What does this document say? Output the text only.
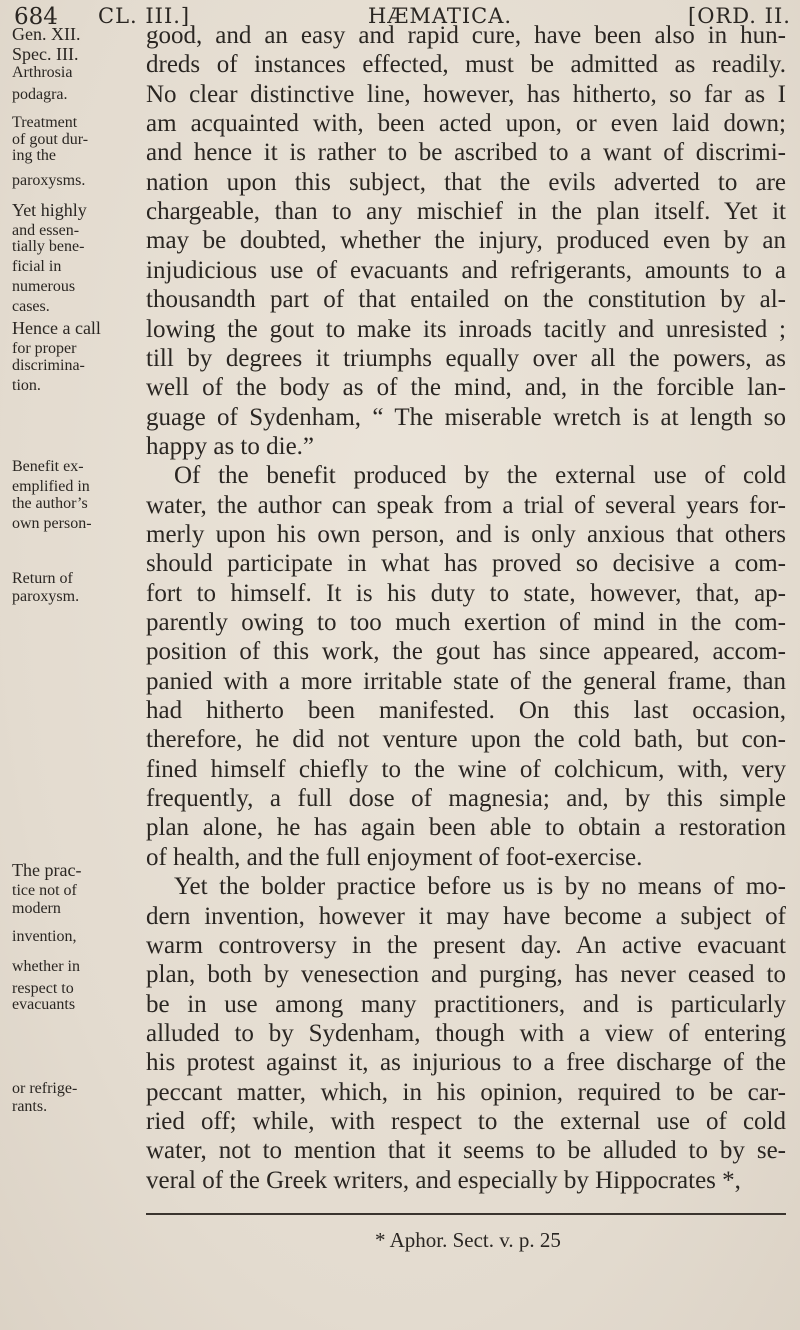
684 CL. III.]	HÆMATICA.	[ORD. II.
good, and an easy and rapid cure, have been also in hun-
dreds of instances effected, must be admitted as readily.
No clear distinctive line, however, has hitherto, so far as I
am acquainted with, been acted upon, or even laid down;
and hence it is rather to be ascribed to a want of discrimi-
nation upon this subject, that the evils adverted to are
chargeable, than to any mischief in the plan itself. Yet it
may be doubted, whether the injury, produced even by an
injudicious use of evacuants and refrigerants, amounts to a
thousandth part of that entailed on the constitution by al-
lowing the gout to make its inroads tacitly and unresisted ;
till by degrees it triumphs equally over all the powers, as
well of the body as of the mind, and, in the forcible lan-
guage of Sydenham, “ The miserable wretch is at length so
happy as to die.”
Of the benefit produced by the external use of cold
water, the author can speak from a trial of several years for-
merly upon his own person, and is only anxious that others
should participate in what has proved so decisive a com-
fort to himself. It is his duty to state, however, that, ap-
parently owing to too much exertion of mind in the com-
position of this work, the gout has since appeared, accom-
panied with a more irritable state of the general frame, than
had hitherto been manifested. On this last occasion,
therefore, he did not venture upon the cold bath, but con-
fined himself chiefly to the wine of colchicum, with, very
frequently, a full dose of magnesia; and, by this simple
plan alone, he has again been able to obtain a restoration
of health, and the full enjoyment of foot-exercise.
Yet the bolder practice before us is by no means of mo-
dern invention, however it may have become a subject of
warm controversy in the present day. An active evacuant
plan, both by venesection and purging, has never ceased to
be in use among many practitioners, and is particularly
alluded to by Sydenham, though with a view of entering
his protest against it, as injurious to a free discharge of the
peccant matter, which, in his opinion, required to be car-
ried off; while, with respect to the external use of cold
water, not to mention that it seems to be alluded to by se-
veral of the Greek writers, and especially by Hippocrates *,
Gen. XII.
Spec. III.
Arthrosia
podagra.
Treatment
of gout dur-
ing the
paroxysms.
Yet highly
and essen-
tially bene-
ficial in
numerous
cases.
Hence a call
for proper
discrimina-
tion.
Benefit ex-
emplified in
the author’s
own person-
Return of
paroxysm.
The prac-
tice not of
modern
invention,
whether in
respect to
evacuants
or refrige-
rants.
* Aphor. Sect. v. p. 25
